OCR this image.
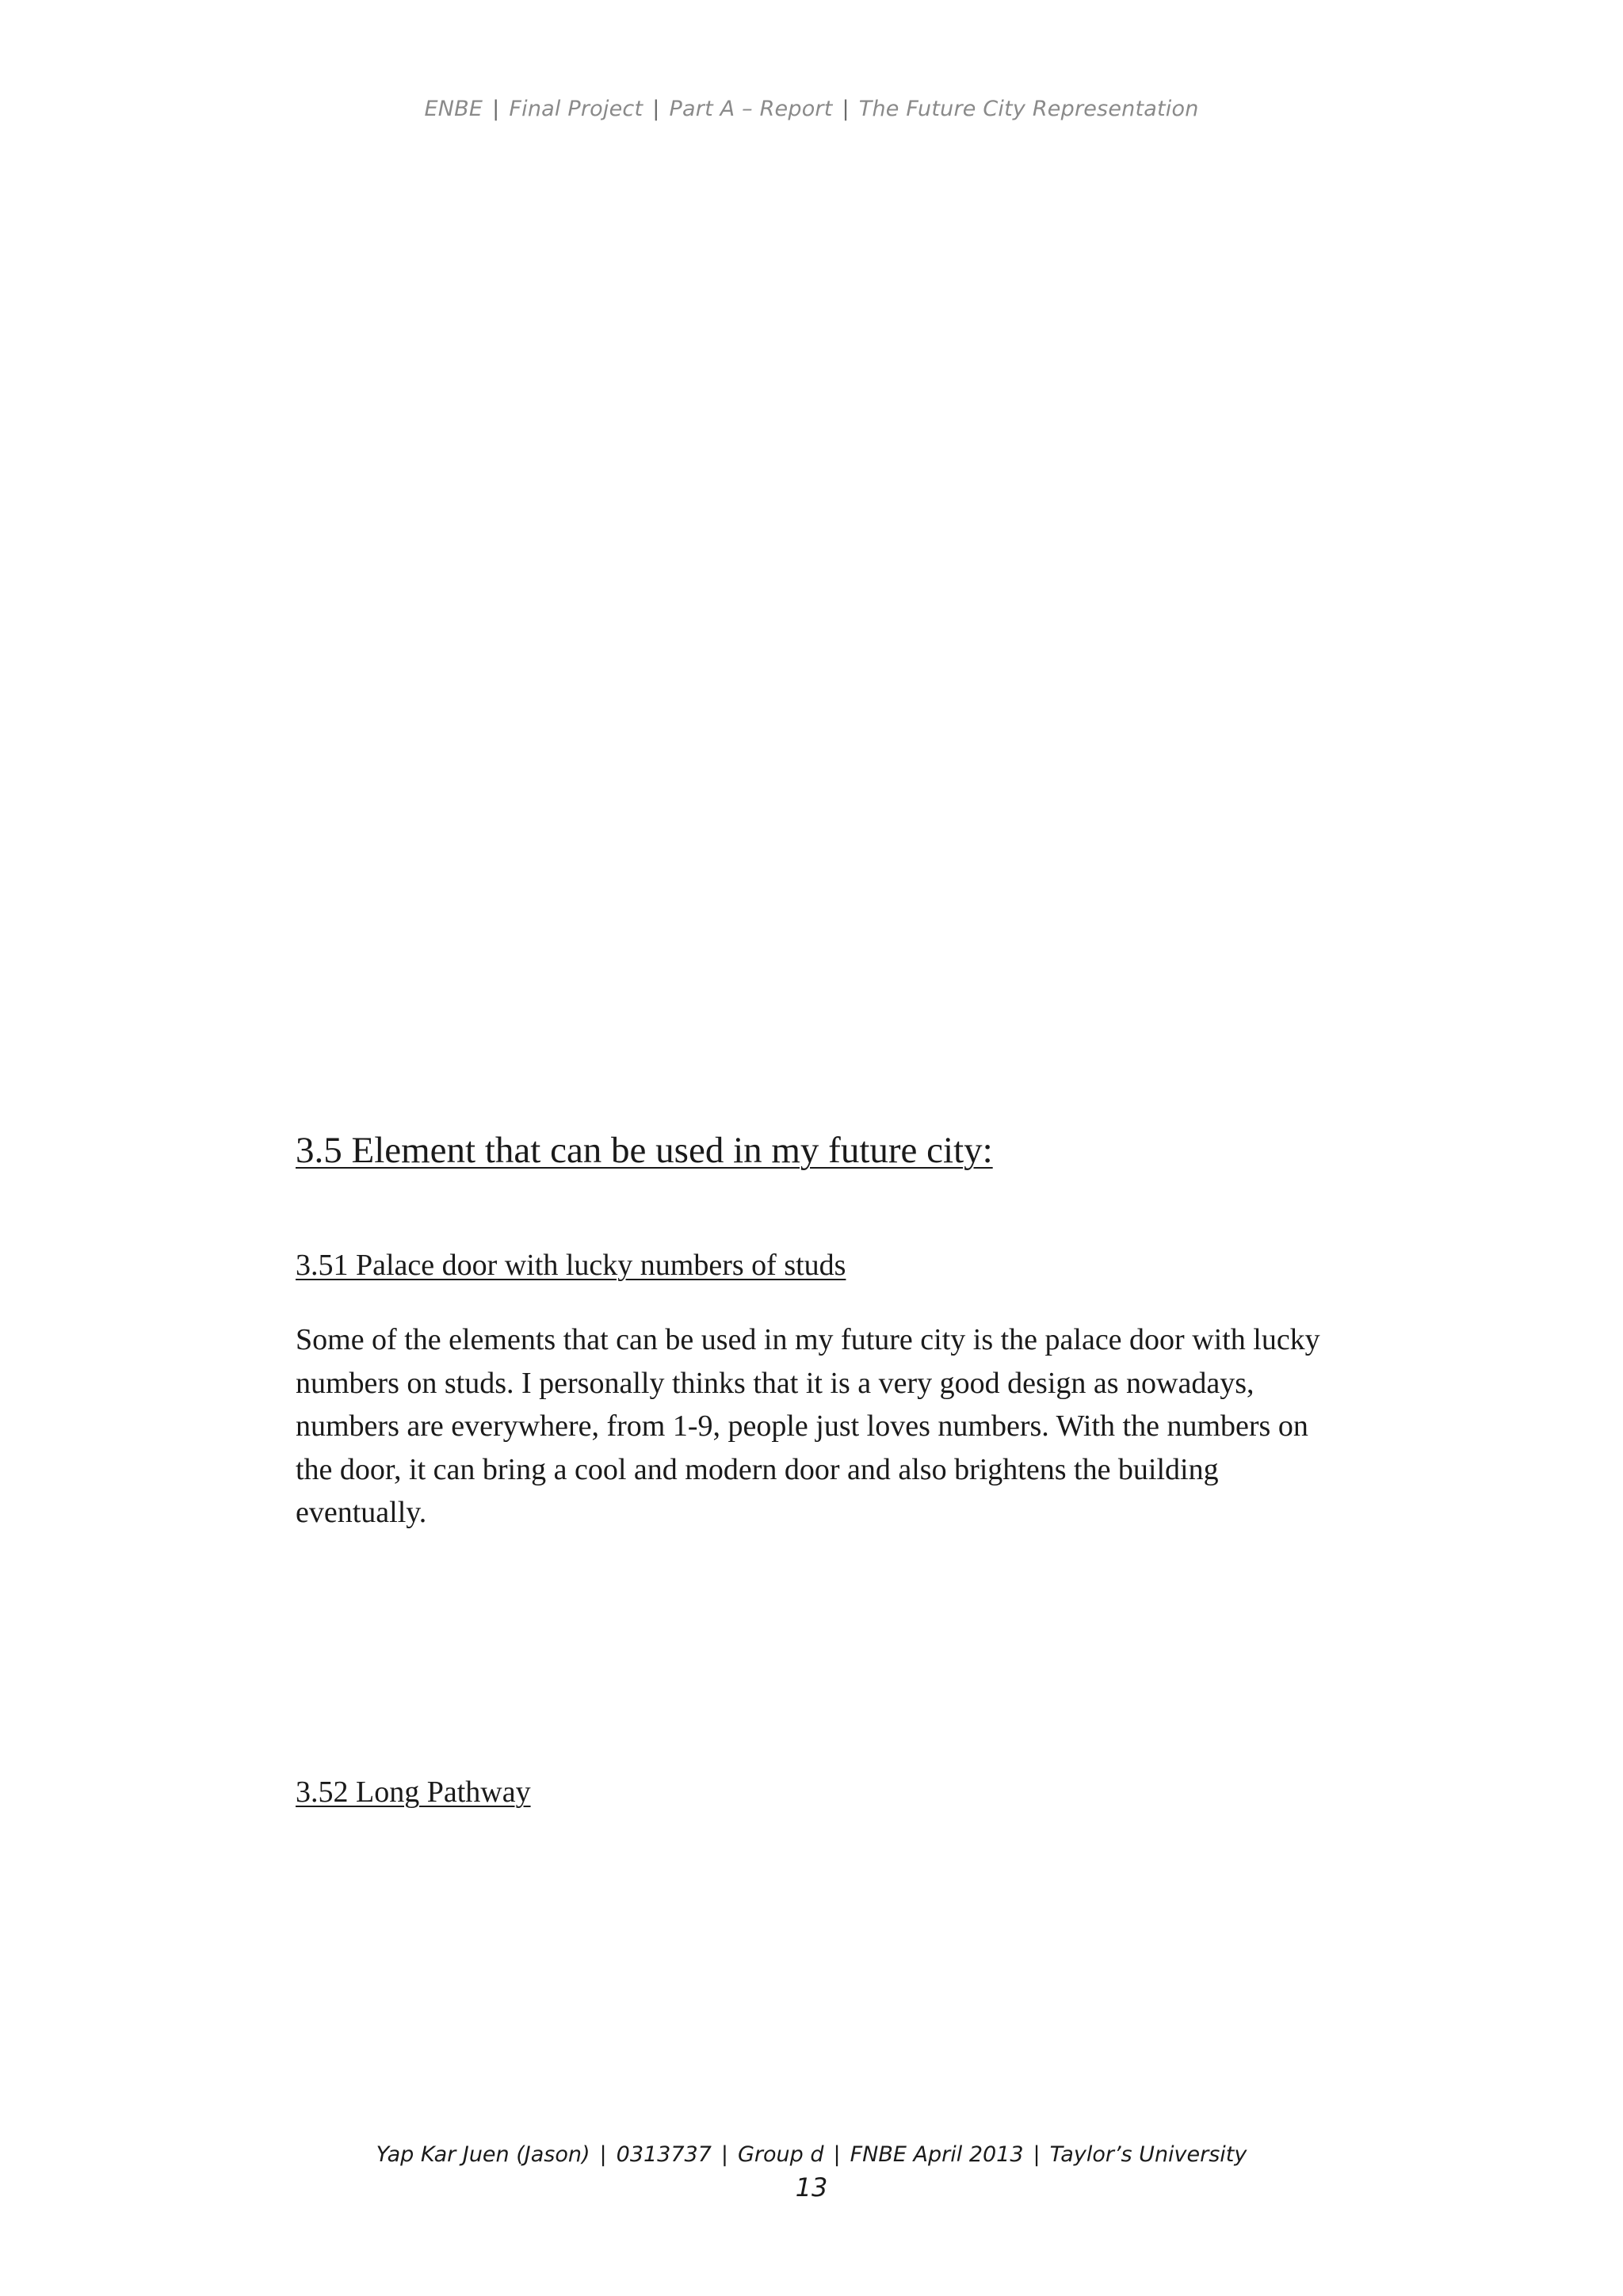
ENBE | Final Project | Part A – Report | The Future City Representation
3.5 Element that can be used in my future city:
3.51 Palace door with lucky numbers of studs
Some of the elements that can be used in my future city is the palace door with lucky
numbers on studs. I personally thinks that it is a very good design as nowadays,
numbers are everywhere, from 1-9, people just loves numbers. With the numbers on
the door, it can bring a cool and modern door and also brightens the building
eventually.
3.52 Long Pathway
Yap Kar Juen (Jason) | 0313737 | Group d | FNBE April 2013 | Taylor’s University
13
